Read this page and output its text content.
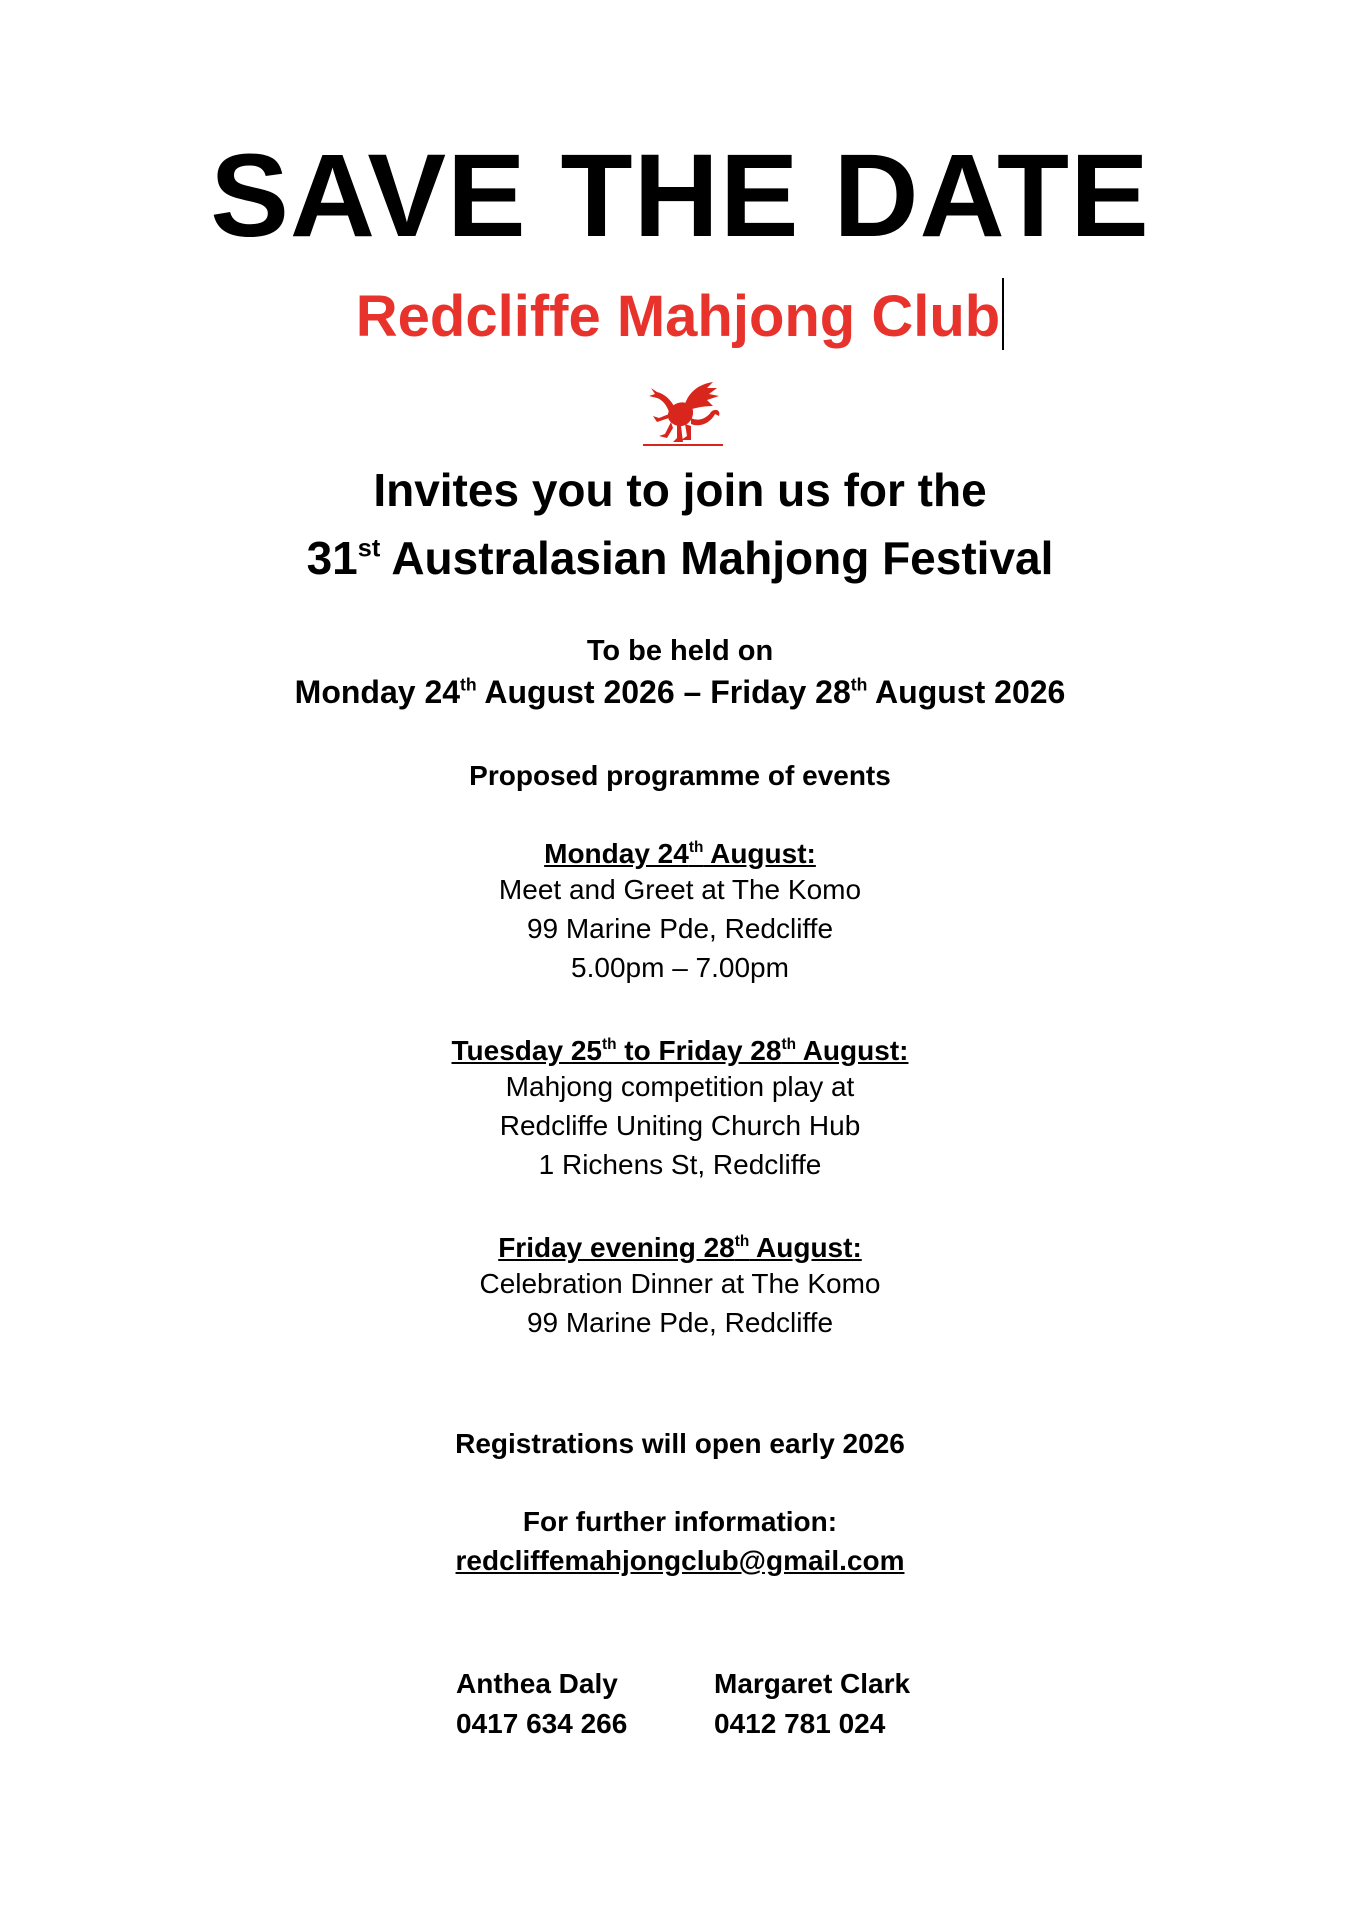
SAVE THE DATE
Redcliffe Mahjong Club
Invites you to join us for the
31st Australasian Mahjong Festival
To be held on
Monday 24th August 2026 – Friday 28th August 2026
Proposed programme of events
Monday 24th August:
Meet and Greet at The Komo
99 Marine Pde, Redcliffe
5.00pm – 7.00pm
Tuesday 25th to Friday 28th August:
Mahjong competition play at
Redcliffe Uniting Church Hub
1 Richens St, Redcliffe
Friday evening 28th August:
Celebration Dinner at The Komo
99 Marine Pde, Redcliffe
Registrations will open early 2026
For further information:
redcliffemahjongclub@gmail.com
Anthea Daly
0417 634 266
Margaret Clark
0412 781 024
